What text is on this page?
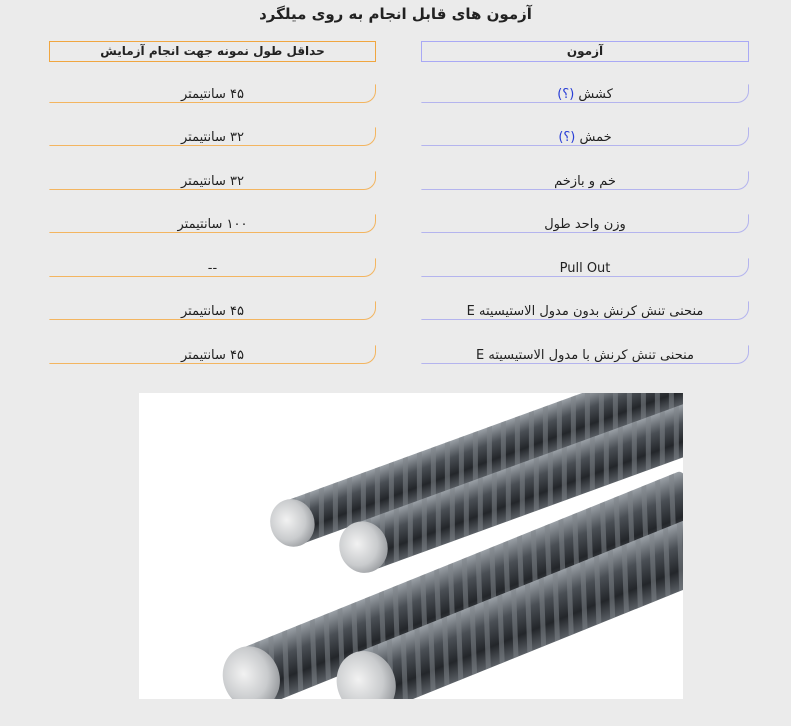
آزمون های قابل انجام به روی میلگرد
آزمون
حداقل طول نمونه جهت انجام آزمایش
کشش (؟)
۴۵ سانتیمتر
خمش (؟)
۳۲ سانتیمتر
خم و بازخم
۳۲ سانتیمتر
وزن واحد طول
۱۰۰ سانتیمتر
Pull Out
--
منحنی تنش کرنش بدون مدول الاستیسیته E
۴۵ سانتیمتر
منحنی تنش کرنش با مدول الاستیسیته E
۴۵ سانتیمتر
